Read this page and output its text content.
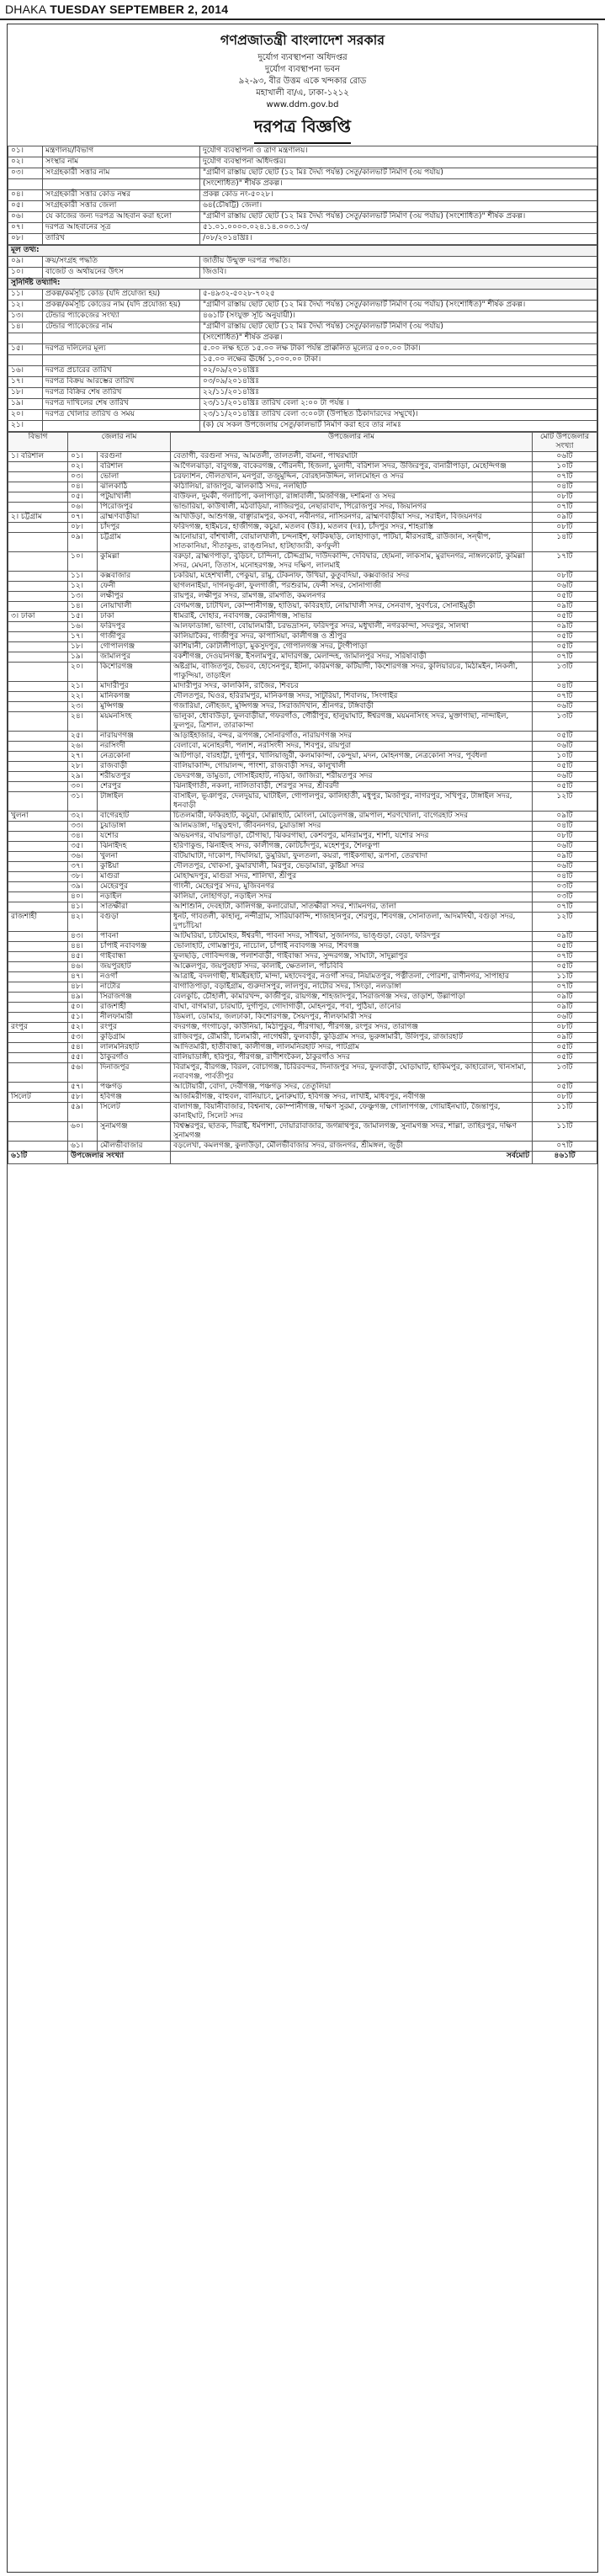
DHAKA TUESDAY SEPTEMBER 2, 2014
গণপ্রজাতন্ত্রী বাংলাদেশ সরকার
দুর্যোগ ব্যবস্থাপনা অধিদপ্তর
দুর্যোগ ব্যবস্থাপনা ভবন
৯২-৯৩, বীর উত্তম একে খন্দকার রোড
মহাখালী বা/এ, ঢাকা-১২১২
www.ddm.gov.bd
দরপত্র বিজ্ঞপ্তি
০১।	মন্ত্রণালয়/বিভাগ	দুর্যোগ ব্যবস্থাপনা ও ত্রাণ মন্ত্রণালয়।
০২।	সংস্থার নাম	দুর্যোগ ব্যবস্থাপনা অধিদপ্তর।
০৩।	সংগ্রহকারী সত্তার নাম	"গ্রামীণ রাস্তায় ছোট ছোট (১২ মিঃ দৈর্ঘ্য পর্যন্ত) সেতু/কালভার্ট নির্মাণ (৩য় পর্যায়)
		(সংশোধিত)" শীর্ষক প্রকল্প।
০৪।	সংগ্রহকারী সত্তার কোড নম্বর	প্রকল্প কোড নং-৫০২৮।
০৫।	সংগ্রহকারী সত্তার জেলা	৬৪(চৌষট্টি) জেলা।
০৬।	যে কাজের জন্য দরপত্র আহবান করা হলো	"গ্রামীণ রাস্তায় ছোট ছোট (১২ মিঃ দৈর্ঘ্য পর্যন্ত) সেতু/কালভার্ট নির্মাণ (৩য় পর্যায়) (সংশোধিত)" শীর্ষক প্রকল্প।
০৭।	দরপত্র আহবানের সূত্র	৫১.০১.০০০০.০২৪.১৪.০০৩.১৩/
০৮।	তারিখ	/০৮/২০১৪খ্রিঃ।
মূল তথ্য:		
০৯।	ক্রয়/সংগ্রহ পদ্ধতি	জাতীয় উন্মুক্ত দরপত্র পদ্ধতি।
১০।	বাজেট ও অর্থায়নের উৎস	জিওবি।
সুনির্দিষ্ট তথ্যাদি:		
১১।	প্রকল্প/কর্মসূচি কোড (যদি প্রযোজ্য হয়)	৫-৪৯৩২-৫০২৮-৭০২৫
১২।	প্রকল্প/কর্মসূচি কোডের নাম (যদি প্রযোজ্য হয়)	"গ্রামীণ রাস্তায় ছোট ছোট (১২ মিঃ দৈর্ঘ্য পর্যন্ত) সেতু/কালভার্ট নির্মাণ (৩য় পর্যায়) (সংশোধিত)" শীর্ষক প্রকল্প।
১৩।	টেন্ডার প্যাকেজের সংখ্যা	৪৬১টি (সংযুক্ত সূচি অনুযায়ী)।
১৪।	টেন্ডার প্যাকেজের নাম	"গ্রামীণ রাস্তায় ছোট ছোট (১২ মিঃ দৈর্ঘ্য পর্যন্ত) সেতু/কালভার্ট নির্মাণ (৩য় পর্যায়)
		(সংশোধিত)" শীর্ষক প্রকল্প।
১৫।	দরপত্র দলিলের মূল্য	৫.০০ লক্ষ হতে ১৫.০০ লক্ষ টাকা পর্যন্ত প্রাক্কলিত মূল্যের ৫০০.০০ টাকা।
		১৫.০০ লক্ষের ঊর্ধ্বে ১,০০০.০০ টাকা।
১৬।	দরপত্র প্রচারের তারিখ	০২/০৯/২০১৪খ্রিঃ
১৭।	দরপত্র বিক্রয় আরম্ভের তারিখ	০৩/০৯/২০১৪খ্রিঃ
১৮।	দরপত্র বিক্রির শেষ তারিখ	২২/১১/২০১৪খ্রিঃ
১৯।	দরপত্র দাখিলের শেষ তারিখ	২৩/১১/২০১৪খ্রিঃ তারিখ বেলা ২:০০ টা পর্যন্ত ।
২০।	দরপত্র খোলার তারিখ ও সময়	২৩/১১/২০১৪খ্রিঃ তারিখ বেলা ৩:০০টা (উপস্থিত ঠিকাদারদের সম্মুখে)।
২১।		(ক) যে সকল উপজেলায় সেতু/কালভার্ট নির্মাণ করা হবে তার নামঃ
বিভাগ	জেলার নাম		উপজেলার নাম	মোট উপজেলার সংখ্যা
১। বরিশাল	০১।	বরগুনা	বেতাগী, বরগুনা সদর, আমতলী, তালতলী, বামনা, পাথরঘাটা	০৬টি
	০২।	বরিশাল	আগৈলঝাড়া, বাবুগঞ্জ, বাকেরগঞ্জ, গৌরনদী, হিজলা, মুলাদী, বরিশাল সদর, উজিরপুর, বানারীপাড়া, মেহেন্দিগঞ্জ	১০টি
	০৩।	ভোলা	চরফ্যাশন, দৌলতখান, মনপুরা, তজুমুদ্দিন, বোরহানউদ্দিন, লালমোহন ও সদর	০৭টি
	০৪।	ঝালকাঠি	কাঠালিয়া, রাজাপুর, ঝালকাঠি সদর, নলছিটি	০৪টি
	০৫।	পটুয়াখালী	বাউফল, দুমকী, গলাচিপা, কলাপাড়া, রাঙ্গাবালী, মির্জাগঞ্জ, দশমিনা ও সদর	০৮টি
	০৬।	পিরোজপুর	ভান্ডারিয়া, কাউখালী, মঠবাড়িয়া, নাজিরপুর, নেছারাবাদ, পিরোজপুর সদর, জিয়ানগর	০৭টি
২। চট্টগ্রাম	০৭।	ব্রাহ্মণবাড়ীয়া	আখাউড়া, আশুগঞ্জ, বাঞ্ছারামপুর, কসবা, নবীনগর, নাসিরনগর, ব্রাহ্মণবাড়ীয়া সদর, সরাইল, বিজয়নগর	০৯টি
	০৮।	চাঁদপুর	ফরিদগঞ্জ, হাইমচর, হাজীগঞ্জ, কচুয়া, মতলব (উঃ), মতলব (দঃ), চাঁদপুর সদর, শাহরাস্তি	০৮টি
	০৯।	চট্টগ্রাম	আনোয়ারা, বাঁশখালী, বোয়ালখালী, চন্দনাইশ, ফটিকছড়ি, লোহাগাড়া, পটিয়া, মীরসরাই, রাউজান, সন্দ্বীপ, সাতকানিয়া, সীতাকুন্ড, রাঙ্গুনিয়া, হাটহাজারী, কর্ণফুলী	১৪টি
	১০।	কুমিল্লা	বরুড়া, ব্রাহ্মণপাড়া, বুড়িচং, চান্দিনা, চৌদ্দগ্রাম, দাউদকান্দি, দেবিদ্বার, হোমনা, লাকসাম, মুরাদনগর, নাঙ্গলকোট, কুমিল্লা সদর, মেঘনা, তিতাস, মনোহরগঞ্জ, সদর দক্ষিণ, লালমাই	১৭টি
	১১।	কক্সবাজার	চকরিয়া, মহেশখালী, পেকুয়া, রামু, টেকনাফ, উখিয়া, কুতুবদিয়া, কক্সবাজার সদর	০৮টি
	১২।	ফেনী	ছাগলনাইয়া, দাগনভূঞা, ফুলগাজী, পরশুরাম, ফেনী সদর, সোনাগাজী	০৬টি
	১৩।	লক্ষীপুর	রায়পুর, লক্ষীপুর সদর, রামগঞ্জ, রামগতি, কমলনগর	০৫টি
	১৪।	নোয়াখালী	বেগমগঞ্জ, চাটখিল, কোম্পানীগঞ্জ, হাতিয়া, কবিরহাট, নোয়াখালী সদর, সেনবাগ, সুবর্ণচর, সোনাইমুড়ী	০৯টি
৩। ঢাকা	১৫।	ঢাকা	ধামরাই, দোহার, নবাবগঞ্জ, কেরানীগঞ্জ, সাভার	০৫টি
	১৬।	ফরিদপুর	আলফাডাঙ্গা, ভাংগা, বোয়ালমারী, চরভদ্রাসন, ফরিদপুর সদর, মধুখালী, নগরকান্দা, সদরপুর, সালথা	০৯টি
	১৭।	গাজীপুর	কালিয়াকৈর, গাজীপুর সদর, কাপাসিয়া, কালীগঞ্জ ও শ্রীপুর	০৫টি
	১৮।	গোপালগঞ্জ	কাশিয়ানী, কোটালীপাড়া, মুকসুদপুর, গোপালগঞ্জ সদর, টুংগীপাড়া	০৫টি
	১৯।	জামালপুর	বকশীগঞ্জ, দেওয়ানগঞ্জ, ইসলামপুর, মাদারগঞ্জ, মেলান্দহ, জামালপুর সদর, সরিষাবাড়ী	০৭টি
	২০।	কিশোরগঞ্জ	অষ্টগ্রাম, বাজিতপুর, ভৈরব, হোসেনপুর, ইটনা, করিমগঞ্জ, কটিয়াদী, কিশোরগঞ্জ সদর, কুলিয়ারচর, মিঠামইন, নিকলী, পাকুন্দিয়া, তাড়াইল	১৩টি
	২১।	মাদারীপুর	মাদারীপুর সদর, কালকিনি, রাজৈর, শিবচর	০৪টি
	২২।	মানিকগঞ্জ	দৌলতপুর, ঘিওর, হরিরামপুর, মানিকগঞ্জ সদর, সাটুরিয়া, শিবালয়, সিংগাইর	০৭টি
	২৩।	মুন্সিগঞ্জ	গজারিয়া, লৌহজং, মুন্সিগঞ্জ সদর, সিরাজদিখান, শ্রীনগর, টঙ্গিবাড়ী	০৬টি
	২৪।	ময়মনসিংহ	ভালুকা, ধোবাউড়া, ফুলবাড়ীয়া, গফরগাঁও, গৌরীপুর, হালুয়াঘাট, ঈশ্বরগঞ্জ, ময়মনসিংহ সদর, মুক্তাগাছা, নান্দাইল, ফুলপুর, ত্রিশাল, তারাকান্দা	১৩টি
	২৫।	নারায়ণগঞ্জ	আড়াইহাজার, বন্দর, রূপগঞ্জ, সোনারগাঁও, নারায়ণগঞ্জ সদর	০৫টি
	২৬।	নরসিংদী	বেলাবো, মনোহরদী, পলাশ, নরসিংদী সদর, শিবপুর, রায়পুরা	০৬টি
	২৭।	নেত্রকোনা	আটপাড়া, বারহাট্টা, দুর্গাপুর, খালিয়াজুরী, কলমাকান্দা, কেন্দুয়া, মদন, মোহনগঞ্জ, নেত্রকোনা সদর, পূর্বধলা	১০টি
	২৮।	রাজবাড়ী	বালিয়াকান্দি, গোয়ালন্দ, পাংশা, রাজবাড়ী সদর, কালুখালী	০৫টি
	২৯।	শরীয়তপুর	ভেদরগঞ্জ, ডামুড্যা, গোসাইরহাট, নড়িয়া, জাজিরা, শরীয়তপুর সদর	০৬টি
	৩০।	শেরপুর	ঝিনাইগাতী, নকলা, নালিতাবাড়ী, শেরপুর সদর, শ্রীবরদী	০৫টি
	৩১।	টাঙ্গাইল	বাসাইল, ভূঞাপুর, দেলদুয়ার, ঘাটাইল, গোপালপুর, কালিহাতী, মধুপুর, মির্জাপুর, নাগরপুর, সখিপুর, টাঙ্গাইল সদর, ধনবাড়ী	১২টি
খুলনা	৩২।	বাগেরহাট	চিতলমারী, ফকিরহাট, কচুয়া, মোল্লাহাট, মোংলা, মোড়েলগঞ্জ, রামপাল, শরণখোলা, বাগেরহাট সদর	০৯টি
	৩৩।	চুয়াডাঙ্গা	আলমডাঙ্গা, দামুড়হুদা, জীবননগর, চুয়াডাঙ্গা সদর	০৪টি
	৩৪।	যশোর	অভয়নগর, বাঘারপাড়া, চৌগাছা, ঝিকরগাছা, কেশবপুর, মনিরামপুর, শার্শা, যশোর সদর	০৮টি
	৩৫।	ঝিনাইদহ	হরিণাকুন্ড, ঝিনাইদহ সদর, কালীগঞ্জ, কোটচাঁদপুর, মহেশপুর, শৈলকুপা	০৬টি
	৩৬।	খুলনা	বটিয়াঘাটা, দাকোপ, দিঘলিয়া, ডুমুরিয়া, ফুলতলা, কয়রা, পাইকগাছা, রূপসা, তেরখাদা	০৯টি
	৩৭।	কুষ্টিয়া	দৌলতপুর, খোকসা, কুমারখালী, মিরপুর, ভেড়ামারা, কুষ্টিয়া সদর	০৬টি
	৩৮।	মাগুরা	মোহাম্মদপুর, মাগুরা সদর, শালিখা, শ্রীপুর	০৪টি
	৩৯।	মেহেরপুর	গাংনী, মেহেরপুর সদর, মুজিবনগর	০৩টি
	৪০।	নড়াইল	কালিয়া, লোহাগড়া, নড়াইল সদর	০৩টি
	৪১।	সাতক্ষীরা	আশাশুনি, দেবহাটা, কালিগঞ্জ, কলারোয়া, সাতক্ষীরা সদর, শ্যামনগর, তালা	০৭টি
রাজশাহী	৪২।	বগুড়া	ধুনট, গাবতলী, কাহালু, নন্দীগ্রাম, সারিয়াকান্দি, শাজাহানপুর, শেরপুর, শিবগঞ্জ, সোনাতলা, আদমদিঘী, বগুড়া সদর, দুপচাঁচিয়া	১২টি
	৪৩।	পাবনা	আটঘরিয়া, চাটমোহর, ঈশ্বরদী, পাবনা সদর, সাঁথিয়া, সুজানগর, ভাঙ্গুড়া, বেড়া, ফরিদপুর	০৯টি
	৪৪।	চাঁপাই নবাবগঞ্জ	ভোলাহাট, গোমস্তাপুর, নাচোল, চাঁপাই নবাবগঞ্জ সদর, শিবগঞ্জ	০৫টি
	৪৫।	গাইবান্ধা	ফুলছড়ি, গোবিন্দগঞ্জ, পলাশবাড়ী, গাইবান্ধা সদর, সুন্দরগঞ্জ, সাঘাটা, সাদুল্লাপুর	০৭টি
	৪৬।	জয়পুরহাট	আক্কেলপুর, জয়পুরহাট সদর, কালাই, ক্ষেতলাল, পাঁচবিবি	০৫টি
	৪৭।	নওগাঁ	আত্রাই, বদলগাছী, ধামইরহাট, মান্দা, মহাদেবপুর, নওগাঁ সদর, নিয়ামতপুর, পত্নীতলা, পোরশা, রাণীনগর, সাপাহার	১১টি
	৪৮।	নাটোর	বাগাতিপাড়া, বড়াইগ্রাম, গুরুদাসপুর, লালপুর, নাটোর সদর, সিংড়া, নলডাঙ্গা	০৭টি
	৪৯।	সিরাজগঞ্জ	বেলকুচি, চৌহালী, কামারখন্দ, কাজীপুর, রায়গঞ্জ, শাহজাদপুর, সিরাজগঞ্জ সদর, তাড়াশ, উল্লাপাড়া	০৯টি
	৫০।	রাজশাহী	বাঘা, বাগমারা, চারঘাট, দুর্গাপুর, গোদাগাড়ী, মোহনপুর, পবা, পুঠিয়া, তানোর	০৯টি
	৫১।	নীলফামারী	ডিমলা, ডোমার, জলঢাকা, কিশোরগঞ্জ, সৈয়দপুর, নীলফামারী সদর	০৬টি
রংপুর	৫২।	রংপুর	বদরগঞ্জ, গংগাচড়া, কাউনিয়া, মিঠাপুকুর, পীরগাছা, পীরগঞ্জ, রংপুর সদর, তারাগঞ্জ	০৮টি
	৫৩।	কুড়িগ্রাম	রাজিবপুর, রৌমারী, চিলমারী, নাগেশ্বরী, ফুলবাড়ী, কুড়িগ্রাম সদর, ভুরুঙ্গামারী, উলিপুর, রাজারহাট	০৯টি
	৫৪।	লালমনিরহাট	আদিতমারী, হাতীবান্ধা, কালীগঞ্জ, লালমনিরহাট সদর, পাটগ্রাম	০৫টি
	৫৫।	ঠাকুরগাঁও	বালিয়াডাঙ্গী, হরিপুর, পীরগঞ্জ, রাণীশংকৈল, ঠাকুরগাঁও সদর	০৫টি
	৫৬।	দিনাজপুর	বিরামপুর, বীরগঞ্জ, বিরল, বোচাগঞ্জ, চিরিরবন্দর, দিনাজপুর সদর, ফুলবাড়ী, ঘোড়াঘাট, হাকিমপুর, কাহারোল, খানসামা, নবাবগঞ্জ, পার্বতীপুর	১৩টি
	৫৭।	পঞ্চগড়	আটোয়ারী, বোদা, দেবীগঞ্জ, পঞ্চগড় সদর, তেতুলিয়া	০৫টি
সিলেট	৫৮।	হবিগঞ্জ	আজমিরীগঞ্জ, বাহুবল, বানিয়াচং, চুনারুঘাট, হবিগঞ্জ সদর, লাখাই, মাধবপুর, নবীগঞ্জ	০৮টি
	৫৯।	সিলেট	বালাগঞ্জ, বিয়ানীবাজার, বিশ্বনাথ, কোম্পানীগঞ্জ, দক্ষিণ সুরমা, ফেঞ্চুগঞ্জ, গোলাপগঞ্জ, গোয়াইনঘাট, জৈন্তাপুর, কানাইঘাট, সিলেট সদর	১১টি
	৬০।	সুনামগঞ্জ	বিশ্বম্ভরপুর, ছাতক, দিরাই, ধর্মপাশা, দোয়ারাবাজার, জগন্নাথপুর, জামালগঞ্জ, সুনামগঞ্জ সদর, শাল্লা, তাহিরপুর, দক্ষিণ সুনামগঞ্জ	১১টি
	৬১।	মৌলভীবাজার	বড়লেখা, কমলগঞ্জ, কুলাউড়া, মৌলভীবাজার সদর, রাজনগর, শ্রীমঙ্গল, জুড়ী	০৭টি
৬১টি	উপজেলার সংখ্যা		সর্বমোট	৪৬১টি
